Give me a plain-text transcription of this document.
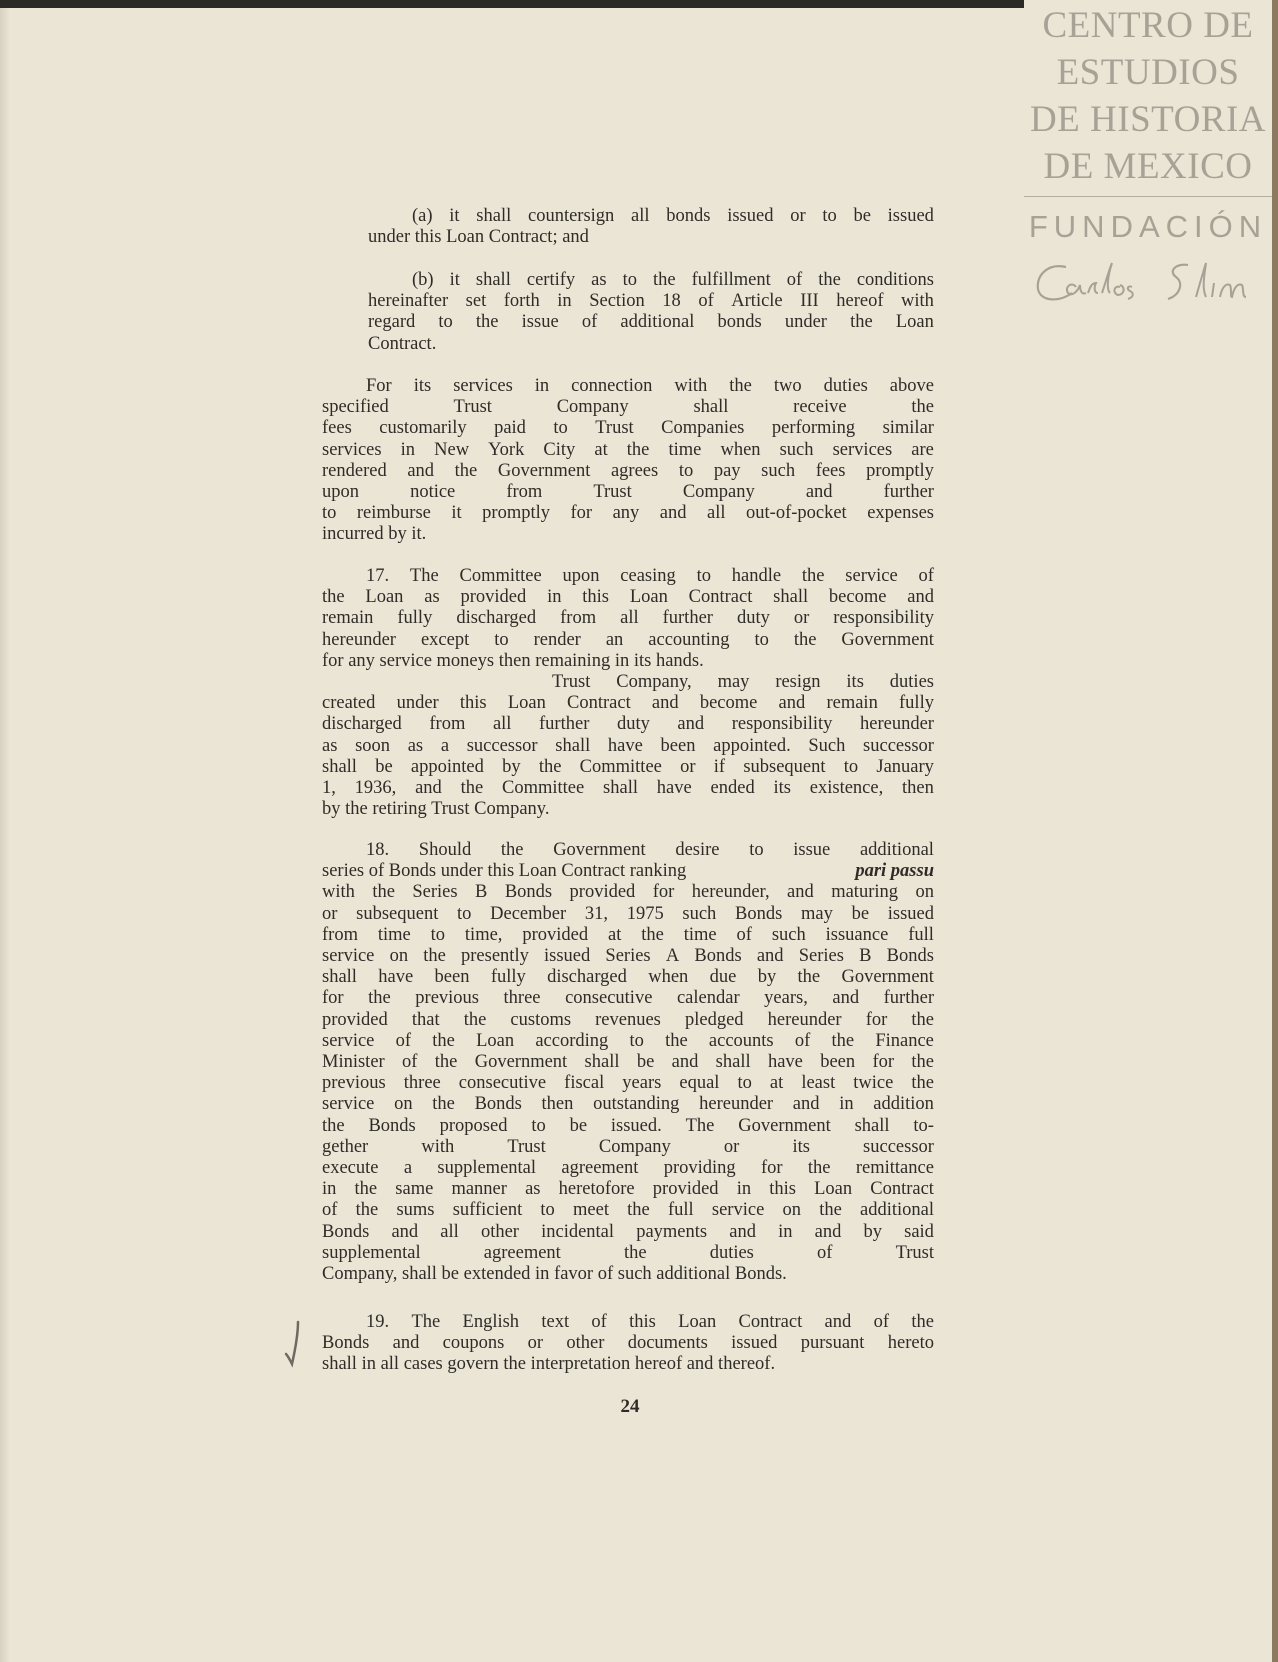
CENTRO DE
ESTUDIOS
DE HISTORIA
DE MEXICO
FUNDACIÓN
(a) it shall countersign all bonds issued or to be issued
under this Loan Contract; and
(b) it shall certify as to the fulfillment of the conditions
hereinafter set forth in Section 18 of Article III hereof with
regard to the issue of additional bonds under the Loan
Contract.
For its services in connection with the two duties above
specified	Trust	Company	shall	receive	the
fees customarily paid to Trust Companies performing similar
services in New York City at the time when such services are
rendered and the Government agrees to pay such fees promptly
upon	notice	from	Trust	Company	and	further
to reimburse it promptly for any and all out-of-pocket expenses
incurred by it.
17. The Committee upon ceasing to handle the service of
the Loan as provided in this Loan Contract shall become and
remain fully discharged from all further duty or responsibility
hereunder except to render an accounting to the Government
for any service moneys then remaining in its hands.
Trust Company, may resign its duties
created under this Loan Contract and become and remain fully
discharged from all further duty and responsibility hereunder
as soon as a successor shall have been appointed. Such successor
shall be appointed by the Committee or if subsequent to January
1, 1936, and the Committee shall have ended its existence, then
by the retiring Trust Company.
18. Should the Government desire to issue additional
series of Bonds under this Loan Contract ranking	pari passu
with the Series B Bonds provided for hereunder, and maturing on
or subsequent to December 31, 1975 such Bonds may be issued
from time to time, provided at the time of such issuance full
service on the presently issued Series A Bonds and Series B Bonds
shall have been fully discharged when due by the Government
for the previous three consecutive calendar years, and further
provided that the customs revenues pledged hereunder for the
service of the Loan according to the accounts of the Finance
Minister of the Government shall be and shall have been for the
previous three consecutive fiscal years equal to at least twice the
service on the Bonds then outstanding hereunder and in addition
the Bonds proposed to be issued. The Government shall to-
gether	with	Trust	Company	or	its	successor
execute a supplemental agreement providing for the remittance
in the same manner as heretofore provided in this Loan Contract
of the sums sufficient to meet the full service on the additional
Bonds and all other incidental payments and in and by said
supplemental	agreement	the	duties	of	Trust
Company, shall be extended in favor of such additional Bonds.
19. The English text of this Loan Contract and of the
Bonds and coupons or other documents issued pursuant hereto
shall in all cases govern the interpretation hereof and thereof.
24
